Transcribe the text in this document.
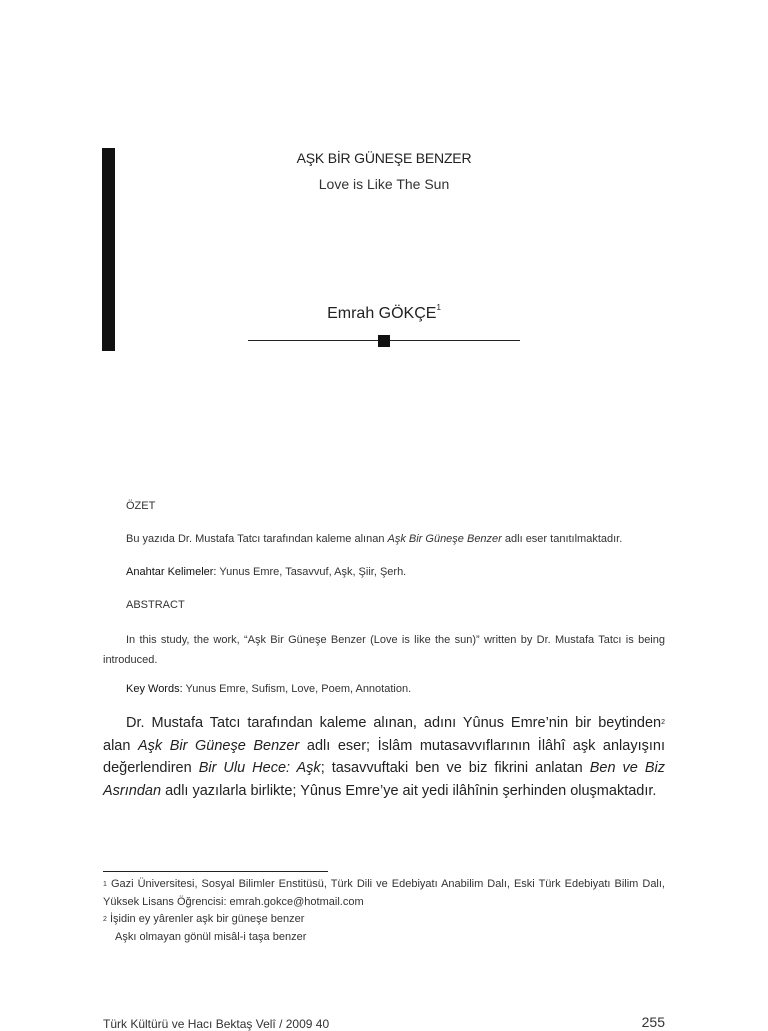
AŞK BİR GÜNEŞE BENZER
Love is Like The Sun
Emrah GÖKÇE$^1$
ÖZET
Bu yazıda Dr. Mustafa Tatcı tarafından kaleme alınan Aşk Bir Güneşe Benzer adlı eser tanıtılmaktadır.
Anahtar Kelimeler: Yunus Emre, Tasavvuf, Aşk, Şiir, Şerh.
ABSTRACT
In this study, the work, “Aşk Bir Güneşe Benzer (Love is like the sun)” written by Dr. Mustafa Tatcı is being introduced.
Key Words: Yunus Emre, Sufism, Love, Poem, Annotation.
Dr. Mustafa Tatcı tarafından kaleme alınan, adını Yûnus Emre’nin bir beytinden$^2$ alan Aşk Bir Güneşe Benzer adlı eser; İslâm mutasavvıflarının İlâhî aşk anlayışını değerlendiren Bir Ulu Hece: Aşk; tasavvuftaki ben ve biz fikrini anlatan Ben ve Biz Asrından adlı yazılarla birlikte; Yûnus Emre’ye ait yedi ilâhînin şerhinden oluşmaktadır.
$^1$ Gazi Üniversitesi, Sosyal Bilimler Enstitüsü, Türk Dili ve Edebiyatı Anabilim Dalı, Eski Türk Edebiyatı Bilim Dalı, Yüksek Lisans Öğrencisi: emrah.gokce@hotmail.com
$^2$ İşidin ey yârenler aşk bir güneşe benzer
Aşkı olmayan gönül misâl-i taşa benzer
Türk Kültürü ve Hacı Bektaş Velî / 2009 40	255
